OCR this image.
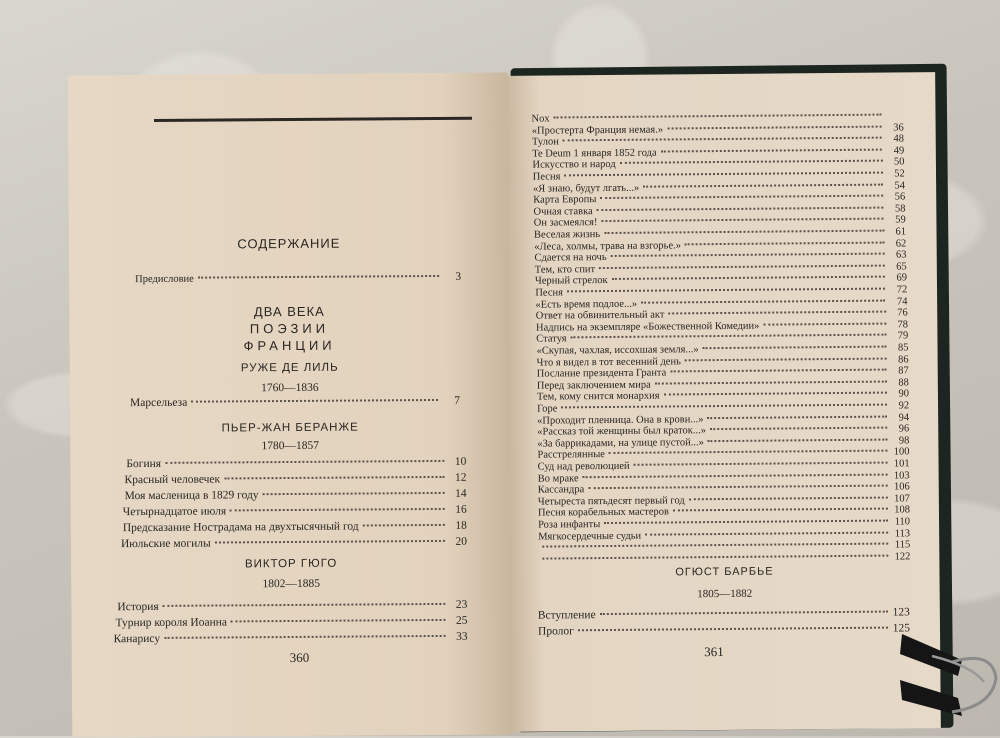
СОДЕРЖАНИЕ
Предисловие	3
ДВА ВЕКА
ПОЭЗИИ
ФРАНЦИИ
РУЖЕ ДЕ ЛИЛЬ
1760—1836
Марсельеза	7
ПЬЕР-ЖАН БЕРАНЖЕ
1780—1857
Богиня	10
Красный человечек	12
Моя масленица в 1829 году	14
Четырнадцатое июля	16
Предсказание Нострадама на двухтысячный год	18
Июльские могилы	20
ВИКТОР ГЮГО
1802—1885
История	23
Турнир короля Иоанна	25
Канарису	33
360
Nox
«Простерта Франция немая.»	36
Тулон	48
Te Deum 1 января 1852 года	49
Искусство и народ	50
Песня	52
«Я знаю, будут лгать...»	54
Карта Европы	56
Очная ставка	58
Он засмеялся!	59
Веселая жизнь	61
«Леса, холмы, трава на взгорье.»	62
Сдается на ночь	63
Тем, кто спит	65
Черный стрелок	69
Песня	72
«Есть время подлое...»	74
Ответ на обвинительный акт	76
Надпись на экземпляре «Божественной Комедии»	78
Статуя	79
«Скупая, чахлая, иссохшая земля...»	85
Что я видел в тот весенний день	86
Послание президента Гранта	87
Перед заключением мира	88
Тем, кому снится монархия	90
Горе	92
«Проходит пленница. Она в крови...»	94
«Рассказ той женщины был краток...»	96
«За баррикадами, на улице пустой...»	98
Расстрелянные	100
Суд над революцией	101
Во мраке	103
Кассандра	106
Четыреста пятьдесят первый год	107
Песня корабельных мастеров	108
Роза инфанты	110
Мягкосердечные судьи	113
115
122
ОГЮСТ БАРБЬЕ
1805—1882
Вступление	123
Пролог	125
361
